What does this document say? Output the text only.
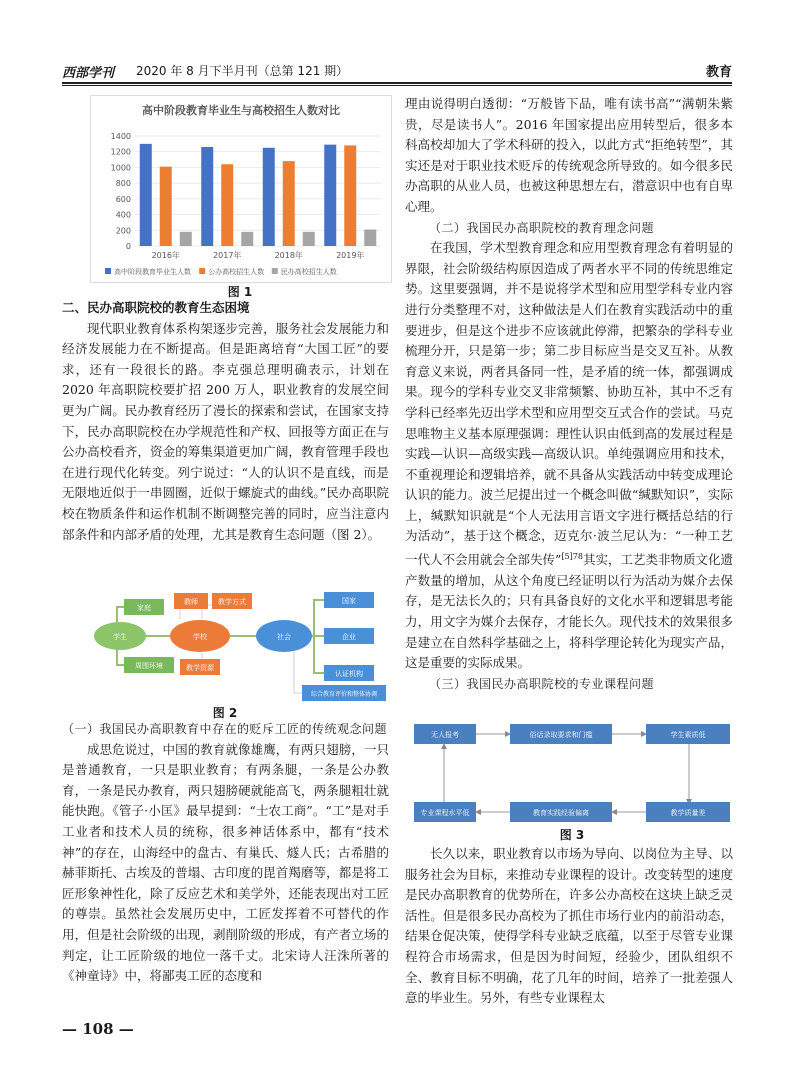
西部学刊 2020 年 8 月下半月刊（总第 121 期）	教育
高中阶段教育毕业生与高校招生人数对比
0
200
400
600
800
1000
1200
1400
2016年	2017年	2018年	2019年
高中阶段教育毕业生人数 公办高校招生人数 民办高校招生人数
图 1
二、民办高职院校的教育生态困境

现代职业教育体系构架逐步完善，服务社会发展能力和经济发展能力在不断提高。但是距离培育“大国工匠”的要求，还有一段很长的路。李克强总理明确表示，计划在 2020 年高职院校要扩招 200 万人，职业教育的发展空间更为广阔。民办教育经历了漫长的探索和尝试，在国家支持下，民办高职院校在办学规范性和产权、回报等方面正在与公办高校看齐，资金的筹集渠道更加广阔，教育管理手段也在进行现代化转变。列宁说过：“人的认识不是直线，而是无限地近似于一串圆圈，近似于螺旋式的曲线。”民办高职院校在物质条件和运作机制不断调整完善的同时，应当注意内部条件和内部矛盾的处理，尤其是教育生态问题（图 2）。

家庭
周围环境
学生	学校
教师	教学方式
教学资源
社会
国家
企业
认证机构
综合教育评价和整体协调
图 2
（一）我国民办高职教育中存在的贬斥工匠的传统观念问题

成思危说过，中国的教育就像雄鹰，有两只翅膀，一只是普通教育，一只是职业教育；有两条腿，一条是公办教育，一条是民办教育，两只翅膀硬就能高飞，两条腿粗壮就能快跑。《管子·小匡》最早提到：“士农工商”。“工”是对手工业者和技术人员的统称，很多神话体系中，都有“技术神”的存在，山海经中的盘古、有巢氏、燧人氏；古希腊的赫菲斯托、古埃及的普塌、古印度的毘首羯磨等，都是将工匠形象神性化，除了反应艺术和美学外，还能表现出对工匠的尊崇。虽然社会发展历史中，工匠发挥着不可替代的作用，但是社会阶级的出现，剥削阶级的形成，有产者立场的判定，让工匠阶级的地位一落千丈。北宋诗人汪洙所著的《神童诗》中，将鄙夷工匠的态度和

理由说得明白透彻：“万般皆下品，唯有读书高”“满朝朱紫贵，尽是读书人”。2016 年国家提出应用转型后，很多本科高校却加大了学术科研的投入，以此方式“拒绝转型”，其实还是对于职业技术贬斥的传统观念所导致的。如今很多民办高职的从业人员，也被这种思想左右，潜意识中也有自卑心理。

（二）我国民办高职院校的教育理念问题

在我国，学术型教育理念和应用型教育理念有着明显的界限，社会阶级结构原因造成了两者水平不同的传统思维定势。这里要强调，并不是说将学术型和应用型学科专业内容进行分类整理不对，这种做法是人们在教育实践活动中的重要进步，但是这个进步不应该就此停滞，把繁杂的学科专业梳理分开，只是第一步；第二步目标应当是交叉互补。从教育意义来说，两者具备同一性，是矛盾的统一体，都强调成果。现今的学科专业交叉非常频繁、协助互补，其中不乏有学科已经率先迈出学术型和应用型交互式合作的尝试。马克思唯物主义基本原理强调：理性认识由低到高的发展过程是实践—认识—高级实践—高级认识。单纯强调应用和技术，不重视理论和逻辑培养，就不具备从实践活动中转变成理论认识的能力。波兰尼提出过一个概念叫做“缄默知识”，实际上，缄默知识就是“个人无法用言语文字进行概括总结的行为活动”，基于这个概念，迈克尔·波兰尼认为：“一种工艺一代人不会用就会全部失传”$^{[5]78}$其实，工艺类非物质文化遗产数量的增加，从这个角度已经证明以行为活动为媒介去保存，是无法长久的；只有具备良好的文化水平和逻辑思考能力，用文字为媒介去保存，才能长久。现代技术的效果很多是建立在自然科学基础之上，将科学理论转化为现实产品，这是重要的实际成果。

（三）我国民办高职院校的专业课程问题
无人报考	俗话录取要求和门槛	学生素质低
专业课程水平低	教育实践经验偏离	教学质量差
图 3

长久以来，职业教育以市场为导向、以岗位为主导、以服务社会为目标，来推动专业课程的设计。改变转型的速度是民办高职教育的优势所在，许多公办高校在这块上缺乏灵活性。但是很多民办高校为了抓住市场行业内的前沿动态，结果仓促决策，使得学科专业缺乏底蕴，以至于尽管专业课程符合市场需求，但是因为时间短，经验少，团队组织不全、教育目标不明确，花了几年的时间，培养了一批差强人意的毕业生。另外，有些专业课程太

— 108 —
